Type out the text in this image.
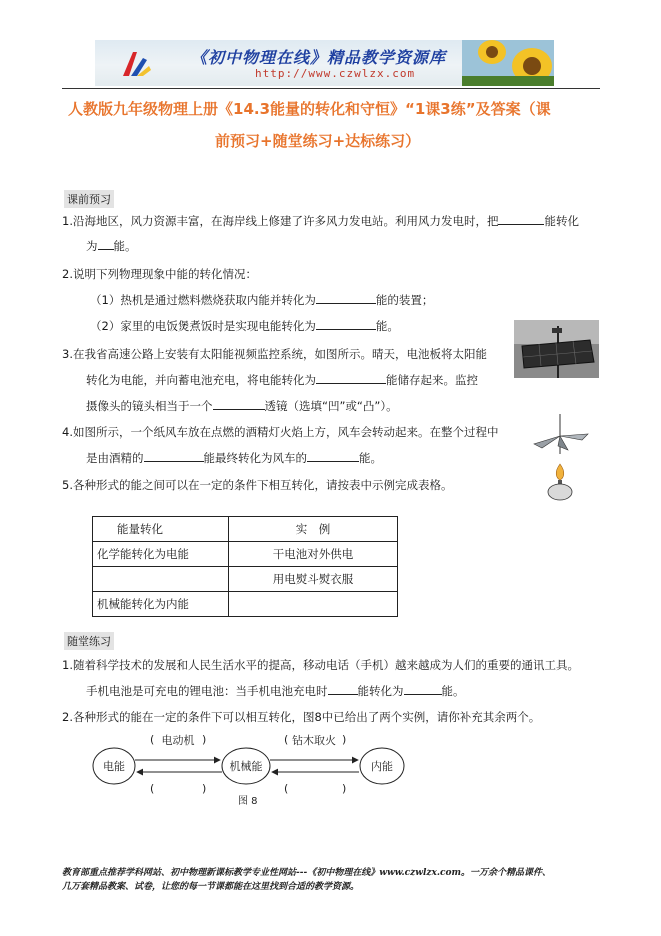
《初中物理在线》精品教学资源库
http://www.czwlzx.com
人教版九年级物理上册《14.3能量的转化和守恒》“1课3练”及答案（课
前预习+随堂练习+达标练习）
课前预习
1.沿海地区，风力资源丰富，在海岸线上修建了许多风力发电站。利用风力发电时，把	能转化
为 能。
2.说明下列物理现象中能的转化情况：
（1）热机是通过燃料燃烧获取内能并转化为	能的装置；
（2）家里的电饭煲煮饭时是实现电能转化为	能。
3.在我省高速公路上安装有太阳能视频监控系统，如图所示。晴天，电池板将太阳能
转化为电能，并向蓄电池充电，将电能转化为	能储存起来。监控
摄像头的镜头相当于一个	透镜（选填“凹”或“凸”）。
4.如图所示，一个纸风车放在点燃的酒精灯火焰上方，风车会转动起来。在整个过程中
是由酒精的	能最终转化为风车的	能。
5.各种形式的能之间可以在一定的条件下相互转化，请按表中示例完成表格。
能量转化	实　例
化学能转化为电能	干电池对外供电
	用电熨斗熨衣服
机械能转化为内能	
随堂练习
1.随着科学技术的发展和人民生活水平的提高，移动电话（手机）越来越成为人们的重要的通讯工具。
手机电池是可充电的锂电池：当手机电池充电时	能转化为	能。
2.各种形式的能在一定的条件下可以相互转化，图8中已给出了两个实例，请你补充其余两个。
电能	机械能	内能
( 电动机 )	( 钻木取火 )
(	)	(	)
图 8
教育部重点推荐学科网站、初中物理新课标教学专业性网站---《初中物理在线》www.czwlzx.com。一万余个精品课件、
几万套精品教案、试卷，让您的每一节课都能在这里找到合适的教学资源。
